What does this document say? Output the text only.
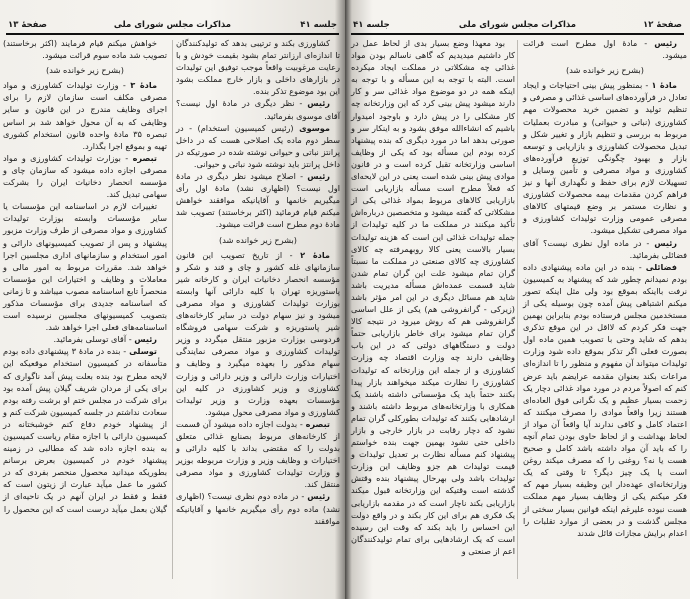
جلسه ۴۱
مذاکرات مجلس شورای ملی
صفحهٔ ۱۳

کشاورزی بکند و ترتیبی بدهد که تولیدکنندگان تا اندازه‌ای ارزانتر تمام بشود بقیمت خودش و با رعایت مرغوبیت واقعاً موجب توفیق این تولیدات در بازارهای داخلی و بازار خارج مملکت بشود این بود موضوع تذکر بنده.

رئیس - نظر دیگری در مادهٔ اول نیست؟ آقای موسوی بفرمائید.

موسوی (رئیس کمیسیون استخدام) - در سطر دوم ماده یک اصلاحی هست که در داخل پرانتز نباتی و حیوانی نوشته شده در صورتیکه در داخل پرانتز باید نوشته شود نباتی و حیوانی.

رئیس - اصلاح میشود نظر دیگری در مادهٔ اول نیست؟ (اظهاری نشد) مادهٔ اول رأی میگیریم خانمها و آقایانیکه موافقند خواهش میکنم قیام فرمائید (اکثر برخاستند) تصویب شد مادهٔ دوم مطرح است قرائت میشود.

(بشرح زیر خوانده شد)

مادهٔ ۲ - از تاریخ تصویب این قانون سازمانهای غله کشور و چای و قند و شکر و مؤسسه انحصار دخانیات ایران و کارخانه شیر پاستوریزه تهران با کلیه دارائی آنها وابسته بوزارت تولیدات کشاورزی و مواد مصرفی میشود و نیز سهام دولت در سایر کارخانه‌های شیر پاستوریزه و شرکت سهامی فروشگاه فردوسی بوزارت مزبور منتقل میگردد و وزیر تولیدات کشاورزی و مواد مصرفی نمایندگی سهام مذکور را بعهده میگیرد و وظایف و اختیارات وزارت دارائی و وزیر دارائی و وزارت کشاورزی و وزیر کشاورزی در کلیه این مؤسسات بعهده وزارت و وزیر تولیدات کشاورزی و مواد مصرفی محول میشود.

تبصره - بدولت اجازه داده میشود آن قسمت از کارخانه‌های مربوط بصنایع غذائی متعلق بدولت را که مقتضی بداند با کلیه دارائی و اختیارات و وظایف وزیر و وزارت مربوطه بوزیر و وزارت تولیدات کشاورزی و مواد مصرفی منتقل کند.

رئیس - در ماده دوم نظری نیست؟ (اظهاری نشد) ماده دوم رأی میگیریم خانمها و آقایانیکه موافقند

خواهش میکنم قیام فرمایند (اکثر برخاستند) تصویب شد ماده سوم قرائت میشود.

(بشرح زیر خوانده شد)

مادهٔ ۳ - وزارت تولیدات کشاورزی و مواد مصرفی مکلف است سازمان لازم را برای اجرای وظایف مندرج در این قانون و سایر وظایفی که به آن محول خواهد شد بر اساس تبصره ۳۵ مادهٔ واحده قانون استخدام کشوری تهیه و بموقع اجرا بگذارد.

تبصره - بوزارت تولیدات کشاورزی و مواد مصرفی اجازه داده میشود که سازمان چای و مؤسسه انحصار دخانیات ایران را بشرکت سهامی تبدیل کند.

تغییرات لازم در اساسنامه این مؤسسات یا سایر مؤسسات وابسته بوزارت تولیدات کشاورزی و مواد مصرفی از طرف وزارت مزبور پیشنهاد و پس از تصویب کمیسیونهای دارائی و امور استخدام و سازمانهای اداری مجلسین اجرا خواهد شد. مقررات مربوط به امور مالی و معاملات و وظایف و اختیارات این مؤسسات منحصراً تابع اساسنامه مصوب میباشد و تا زمانی که اساسنامه جدیدی برای مؤسسات مذکور بتصویب کمیسیونهای مجلسین نرسیده است اساسنامه‌های فعلی اجرا خواهد شد.

رئیس - آقای توسلی بفرمائید.

توسلی - بنده در مادهٔ ۳ پیشنهادی داده بودم متأسفانه در کمیسیون استخدام موقعیکه این لایحه مطرح بود بنده بعلت پیش آمد ناگواری که برای یکی از مردان شریف گیلان پیش آمده بود برای شرکت در مجلس ختم او برشت رفته بودم سعادت نداشتم در جلسه کمیسیون شرکت کنم و از پیشنهاد خودم دفاع کنم خوشبختانه در کمیسیون دارائی با اجازه مقام ریاست کمیسیون به بنده اجازه داده شد که مطالبی در زمینه پیشنهاد خودم در کمیسیون بعرض برسانم بطوریکه میدانید محصول منحصر بفردی که در کشور ما عمل میآید عبارت از زیتون است که فقط و فقط در ایران آنهم در یک ناحیه‌ای از گیلان بعمل میآید درست است که این محصول را

جلسه ۴۱	مذاکرات مجلس شورای ملی	صفحهٔ ۱۲

رئیس - مادهٔ اول مطرح است قرائت میشود.

(بشرح زیر خوانده شد)

مادهٔ ۱ - بمنظور پیش بینی احتیاجات و ایجاد تعادل در فرآورده‌های اساسی غذائی و مصرفی و تنظیم تولید و تضمین خرید محصولات مهم کشاورزی (نباتی و حیوانی) و مبادرت بعملیات مربوط به بررسی و تنظیم بازار و تغییر شکل و تبدیل محصولات کشاورزی و بازاریابی و توسعه بازار و بهبود چگونگی توزیع فرآورده‌های کشاورزی و مواد مصرفی و تأمین وسایل و تسهیلات لازم برای حفظ و نگهداری آنها و نیز فراهم کردن مقدمات بیمه محصولات کشاورزی و نظارت مستمر بر وضع قیمتهای کالاهای مصرفی عمومی وزارت تولیدات کشاورزی و مواد مصرفی تشکیل میشود.

رئیس - در ماده اول نظری نیست؟ آقای فضائلی بفرمائید.

فضائلی - بنده در این ماده پیشنهادی داده بودم نمیدانم چطور شد که پیشنهاد به کمیسیون نرفت بااینکه بموقع بود ولی مثل اینکه تصور میکنم اشتباهی پیش آمده چون بوسیله یکی از مستخدمین مجلس فرستاده بودم بنابراین بهمین جهت فکر کردم که لااقل در این موقع تذکری بدهم که شاید وحتی با تصویب همین ماده اول بصورت فعلی اگر تذکر بموقع داده شود وزارت تولیدات میتواند آن مفهوم و منظور را تا اندازه‌ای مراعات بکند بعنوان مقدمه عرایضم باید عرض کنم که اصولاً مردم در مورد مواد غذائی دچار یک زحمت بسیار عظیم و یک نگرانی فوق العاده‌ای هستند زیرا واقعاً موادی را مصرف میکنند که اعتماد کامل و کافی ندارند آیا واقعاً آن مواد از لحاظ بهداشت و از لحاظ حاوی بودن تمام آنچه را که باید آن مواد داشته باشد کامل و صحیح هست یا نه؟ روغنی را که مصرف میکند روغن است یا یک چیز دیگر؟ تا وقتی که یک وزارتخانه‌ای عهده‌دار این وظیفه بسیار مهم که فکر میکنم یکی از وظایف بسیار مهم مملکت هست نبوده علیرغم اینکه قوانین بسیار سختی از مجلس گذشت و در بعضی از موارد تقلبات را اعدام برایش مجازات قائل شدند

بود معهذا وضع بسیار بدی از لحاظ عمل در کار داشتیم میدیدیم که گاهی ناسالم بودن مواد غذائی چه مشکلاتی در مملکت ایجاد میکرده است. البته با توجه به این مسأله و با توجه به اینکه همه در دو موضوع مواد غذائی سر و کار دارند میشود پیش بینی کرد که این وزارتخانه چه کار مشکلی را در پیش دارد و باوجود امیدوار باشیم که انشاءالله موفق بشود و به اینکار سر و صورتی بدهد اما در مورد دیگری که بنده پیشنهاد کرده بودم این مسأله بود که یکی از وظایف اساسی وزارتخانه تقبل کرده است و در قانون موادی پیش بینی شده است یعنی در این لایحه‌ای که فعلاً مطرح است مسأله بازاریابی است بازاریابی کالاهای مربوط بمواد غذائی یکی از مشکلاتی که گفته میشود و متخصصین درباره‌اش تأکید میکنند در مملکت ما در کلیه تولیدات از جمله تولیدات غذائی این است که هزینه تولیدات بسیار بالاست یعنی کالا روبهمرفته چه کالای کشاورزی چه کالای صنعتی در مملکت ما نسبتاً گران تمام میشود علت این گران تمام شدن شاید قسمت عمده‌اش مسأله مدیریت باشد شاید هم مسائل دیگری در این امر مؤثر باشد (زیرکی - گرانفروشی هم) یکی از علل اساسی گرانفروشی هم که روش میرود در نتیجه کالا گران تمام میشود برای خاطر بازاریابی حتماً دولت و دستگاههای دولتی که در این باب وظایفی دارند چه وزارت اقتصاد چه وزارت کشاورزی و از جمله این وزارتخانه که تولیدات کشاورزی را نظارت میکند میخواهند بازار پیدا بکنند حتماً باید یک مؤسساتی داشته باشند یک همکاری با وزارتخانه‌های مربوط داشته باشند و ارشادهایی بکنند که تولیدات بطورکلی گران تمام نشود که دچار رقابت در بازار خارجی و بازار داخلی حتی نشود بهمین جهت بنده خواستم پیشنهاد کنم مسأله نظارت بر تعدیل تولیدات و قیمت تولیدات هم جزو وظایف این وزارت تولیدات باشد ولی بهرحال پیشنهاد بنده وقتش گذشته است وقتیکه این وزارتخانه قبول میکند بازاریابی بکند ناچار است که در مقدمه بازاریابی یک فکری هم برای این کار بکند و در واقع دولت این احساس را باید بکند که وقت این رسیده است که یک ارشادهایی برای تمام تولیدکنندگان اعم از صنعتی و
